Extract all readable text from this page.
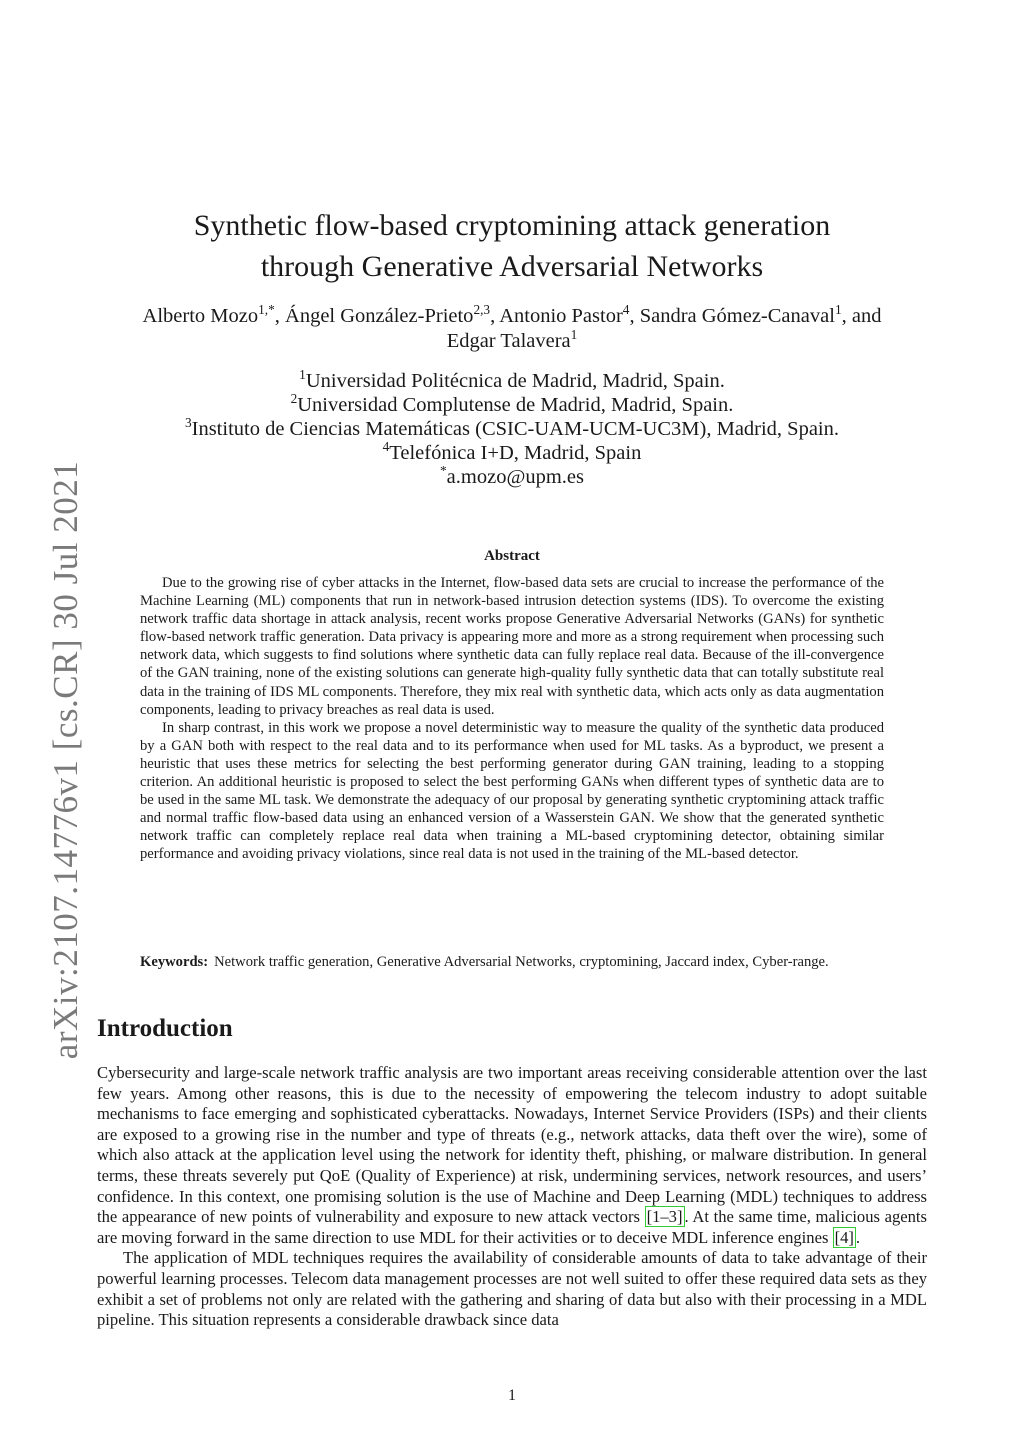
arXiv:2107.14776v1 [cs.CR] 30 Jul 2021
Synthetic flow-based cryptomining attack generation
through Generative Adversarial Networks
Alberto Mozo$^{1,*}$, Ángel González-Prieto$^{2,3}$, Antonio Pastor$^4$, Sandra Gómez-Canaval$^1$, and
Edgar Talavera$^1$
$^1$Universidad Politécnica de Madrid, Madrid, Spain.
$^2$Universidad Complutense de Madrid, Madrid, Spain.
$^3$Instituto de Ciencias Matemáticas (CSIC-UAM-UCM-UC3M), Madrid, Spain.
$^4$Telefónica I+D, Madrid, Spain
*a.mozo@upm.es
Abstract

Due to the growing rise of cyber attacks in the Internet, flow-based data sets are crucial to increase the performance of the Machine Learning (ML) components that run in network-based intrusion detection systems (IDS). To overcome the existing network traffic data shortage in attack analysis, recent works propose Generative Adversarial Networks (GANs) for synthetic flow-based network traffic generation. Data privacy is appearing more and more as a strong requirement when processing such network data, which suggests to find solutions where synthetic data can fully replace real data. Because of the ill-convergence of the GAN training, none of the existing solutions can generate high-quality fully synthetic data that can totally substitute real data in the training of IDS ML components. Therefore, they mix real with synthetic data, which acts only as data augmentation components, leading to privacy breaches as real data is used.

In sharp contrast, in this work we propose a novel deterministic way to measure the quality of the synthetic data produced by a GAN both with respect to the real data and to its performance when used for ML tasks. As a byproduct, we present a heuristic that uses these metrics for selecting the best performing generator during GAN training, leading to a stopping criterion. An additional heuristic is proposed to select the best performing GANs when different types of synthetic data are to be used in the same ML task. We demonstrate the adequacy of our proposal by generating synthetic cryptomining attack traffic and normal traffic flow-based data using an enhanced version of a Wasserstein GAN. We show that the generated synthetic network traffic can completely replace real data when training a ML-based cryptomining detector, obtaining similar performance and avoiding privacy violations, since real data is not used in the training of the ML-based detector.

Keywords: Network traffic generation, Generative Adversarial Networks, cryptomining, Jaccard index, Cyber-range.
Introduction

Cybersecurity and large-scale network traffic analysis are two important areas receiving considerable attention over the last few years. Among other reasons, this is due to the necessity of empowering the telecom industry to adopt suitable mechanisms to face emerging and sophisticated cyberattacks. Nowadays, Internet Service Providers (ISPs) and their clients are exposed to a growing rise in the number and type of threats (e.g., network attacks, data theft over the wire), some of which also attack at the application level using the network for identity theft, phishing, or malware distribution. In general terms, these threats severely put QoE (Quality of Experience) at risk, undermining services, network resources, and users’ confidence. In this context, one promising solution is the use of Machine and Deep Learning (MDL) techniques to address the appearance of new points of vulnerability and exposure to new attack vectors [1–3] . At the same time, malicious agents are moving forward in the same direction to use MDL for their activities or to deceive MDL inference engines [4] .

The application of MDL techniques requires the availability of considerable amounts of data to take advantage of their powerful learning processes. Telecom data management processes are not well suited to offer these required data sets as they exhibit a set of problems not only are related with the gathering and sharing of data but also with their processing in a MDL pipeline. This situation represents a considerable drawback since data

1
